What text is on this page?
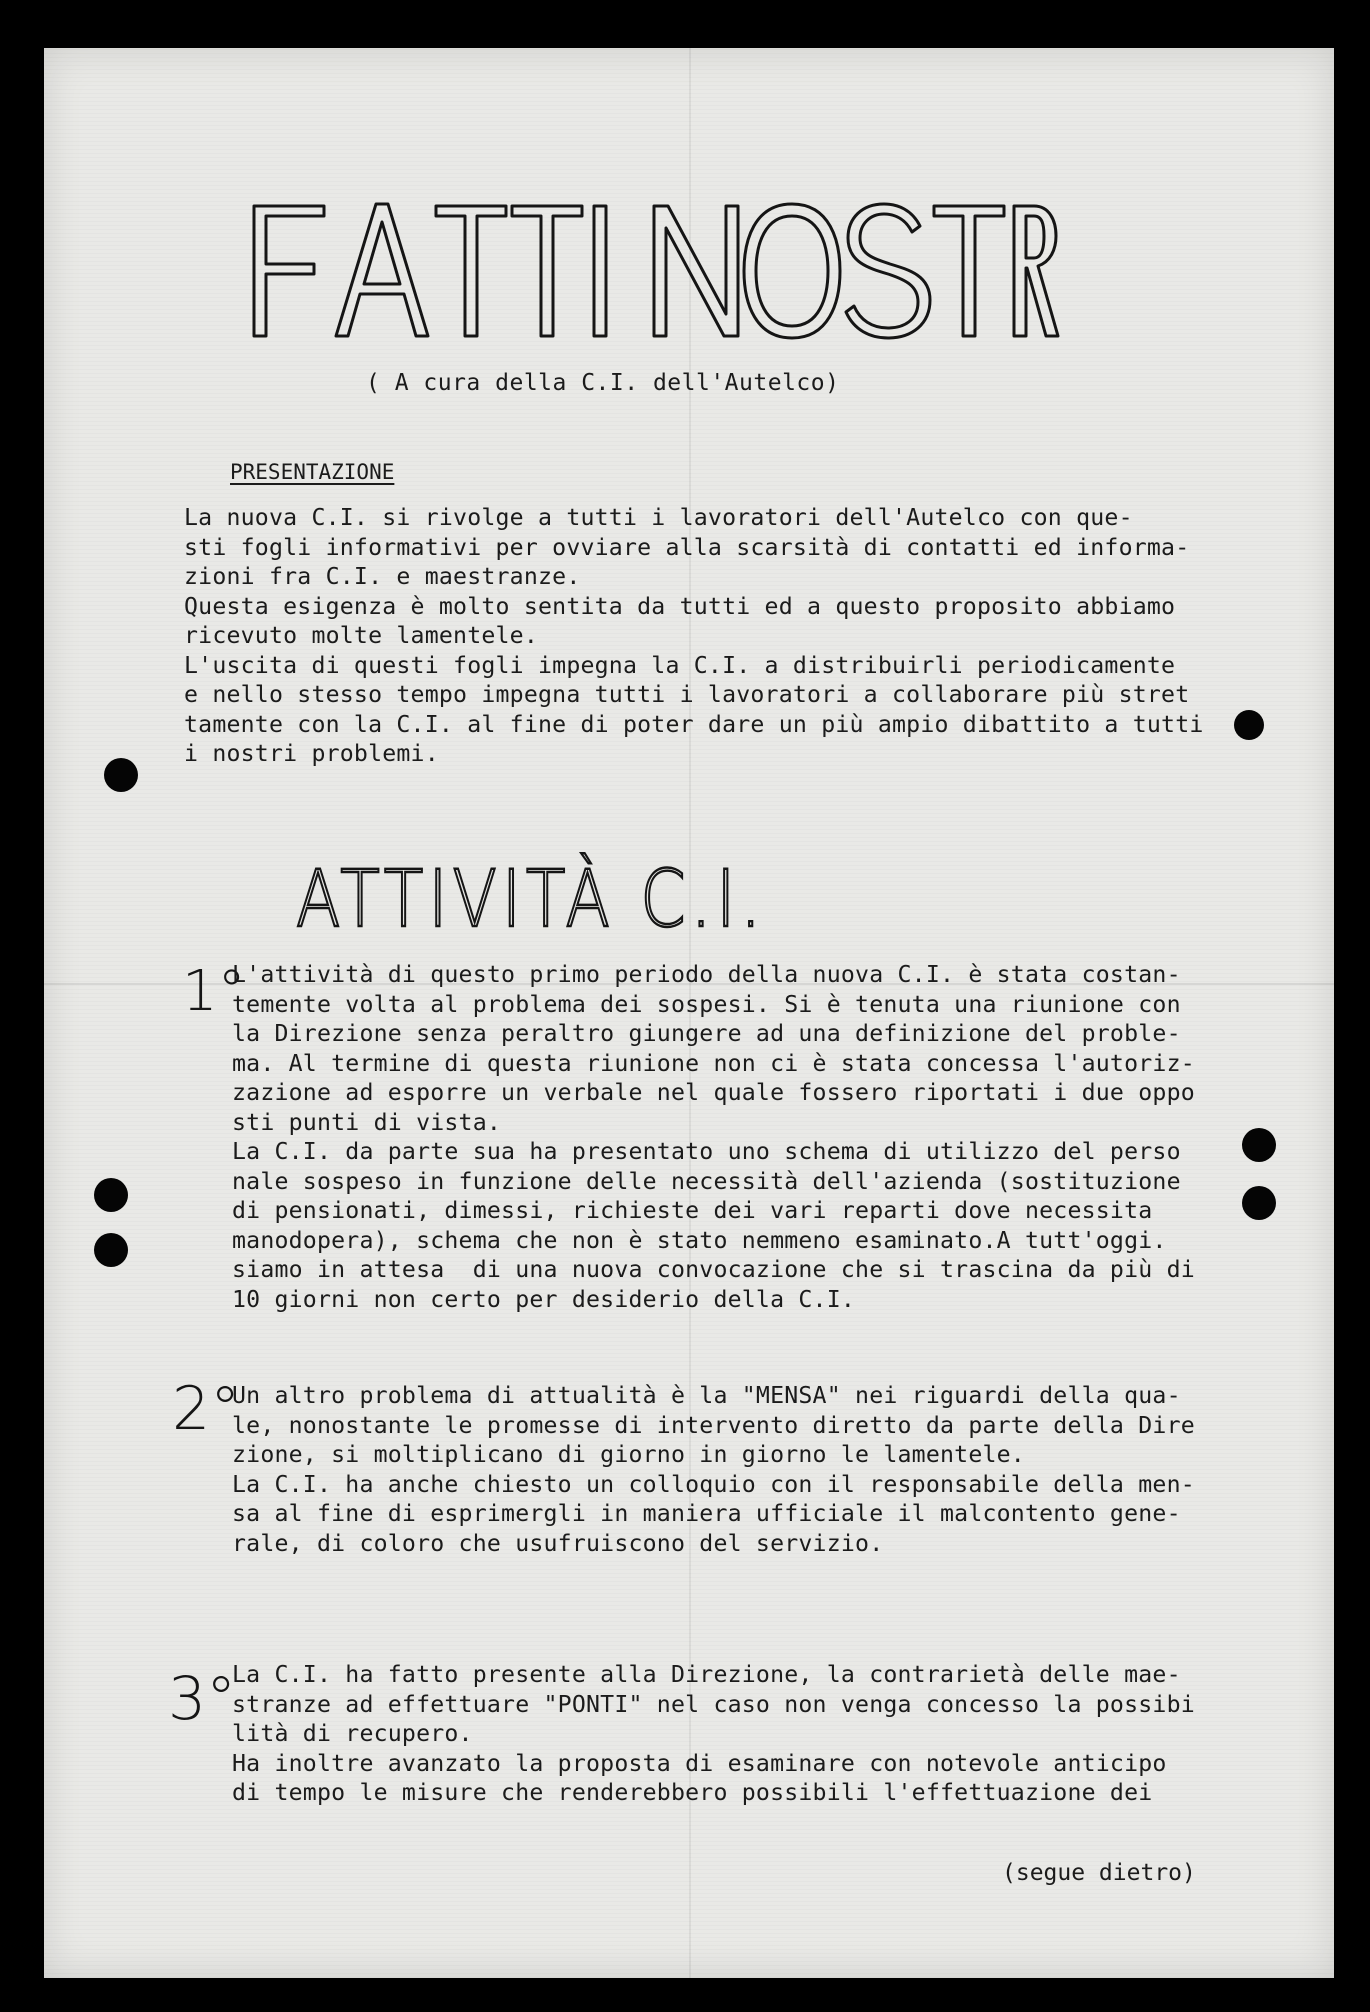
( A cura della C.I. dell'Autelco)
PRESENTAZIONE
La nuova C.I. si rivolge a tutti i lavoratori dell'Autelco con que-
sti fogli informativi per ovviare alla scarsità di contatti ed informa-
zioni fra C.I. e maestranze.
Questa esigenza è molto sentita da tutti ed a questo proposito abbiamo
ricevuto molte lamentele.
L'uscita di questi fogli impegna la C.I. a distribuirli periodicamente
e nello stesso tempo impegna tutti i lavoratori a collaborare più stret
tamente con la C.I. al fine di poter dare un più ampio dibattito a tutti
i nostri problemi.
ATTIVITÀ C.I.
1°
L'attività di questo primo periodo della nuova C.I. è stata costan-
temente volta al problema dei sospesi. Si è tenuta una riunione con
la Direzione senza peraltro giungere ad una definizione del proble-
ma. Al termine di questa riunione non ci è stata concessa l'autoriz-
zazione ad esporre un verbale nel quale fossero riportati i due oppo
sti punti di vista.
La C.I. da parte sua ha presentato uno schema di utilizzo del perso
nale sospeso in funzione delle necessità dell'azienda (sostituzione
di pensionati, dimessi, richieste dei vari reparti dove necessita
manodopera), schema che non è stato nemmeno esaminato.A tutt'oggi.
siamo in attesa  di una nuova convocazione che si trascina da più di
10 giorni non certo per desiderio della C.I.
2°
Un altro problema di attualità è la "MENSA" nei riguardi della qua-
le, nonostante le promesse di intervento diretto da parte della Dire
zione, si moltiplicano di giorno in giorno le lamentele.
La C.I. ha anche chiesto un colloquio con il responsabile della men-
sa al fine di esprimergli in maniera ufficiale il malcontento gene-
rale, di coloro che usufruiscono del servizio.
3°
La C.I. ha fatto presente alla Direzione, la contrarietà delle mae-
stranze ad effettuare "PONTI" nel caso non venga concesso la possibi
lità di recupero.
Ha inoltre avanzato la proposta di esaminare con notevole anticipo
di tempo le misure che renderebbero possibili l'effettuazione dei
(segue dietro)
